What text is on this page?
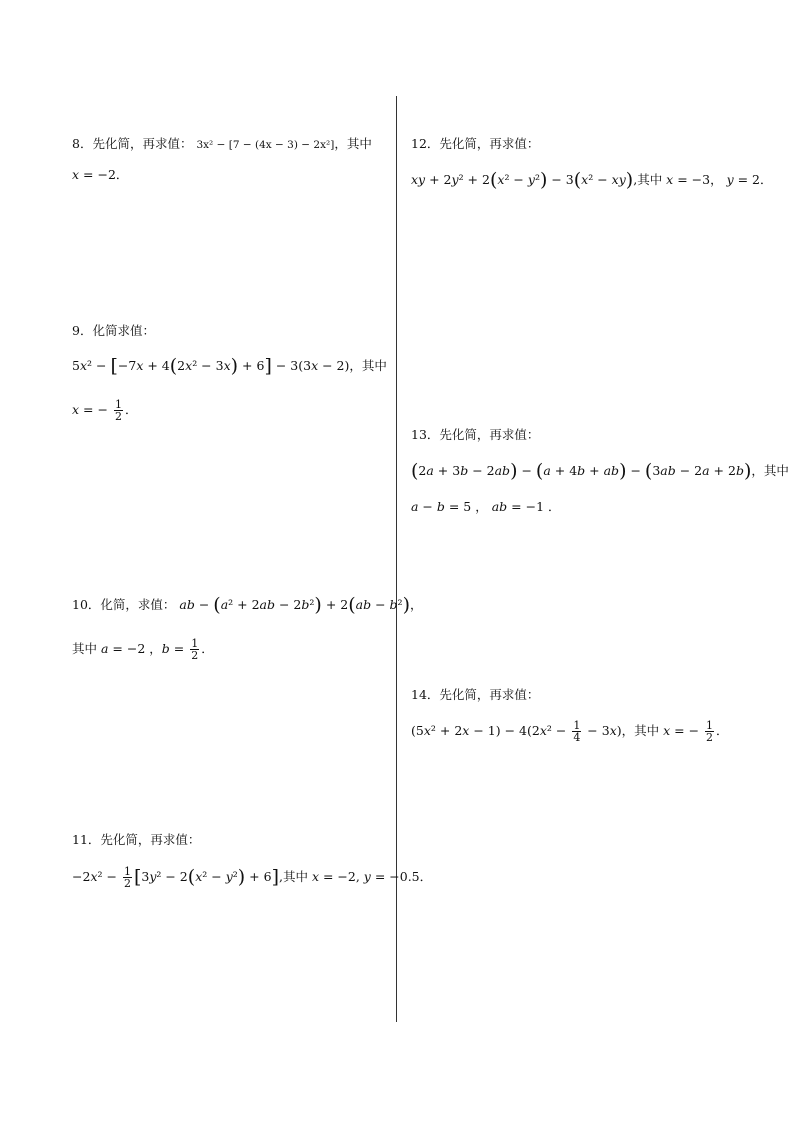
8．先化简，再求值： 3x² − [7 − (4x − 3) − 2x²]，其中
x = −2．
9．化简求值：
5x² − [−7x + 4(2x² − 3x) + 6] − 3(3x − 2)，其中
x = − $\frac{1}{2}$ ．
10．化简，求值： ab − (a² + 2ab − 2b²) + 2(ab − b²)，
其中 a = −2 ，$b = \frac{1}{2}$ ．
11．先化简，再求值：
$-2x^2 - \frac{1}{2} [3y^2 - 2(x^2 - y^2) + 6]$,其中 x = −2, y = −0.5．
12．先化简，再求值：
xy + 2y² + 2(x² − y²) − 3(x² − xy),其中 x = −3， y = 2．
13．先化简，再求值：
(2a + 3b − 2ab) − (a + 4b + ab) − (3ab − 2a + 2b)，其中
a − b = 5 ， ab = −1 ．
14．先化简，再求值：
$(5x^2 + 2x - 1) - 4(2x^2 - \frac{1}{4} - 3x)$，其中 x = − $\frac{1}{2}$ ．
